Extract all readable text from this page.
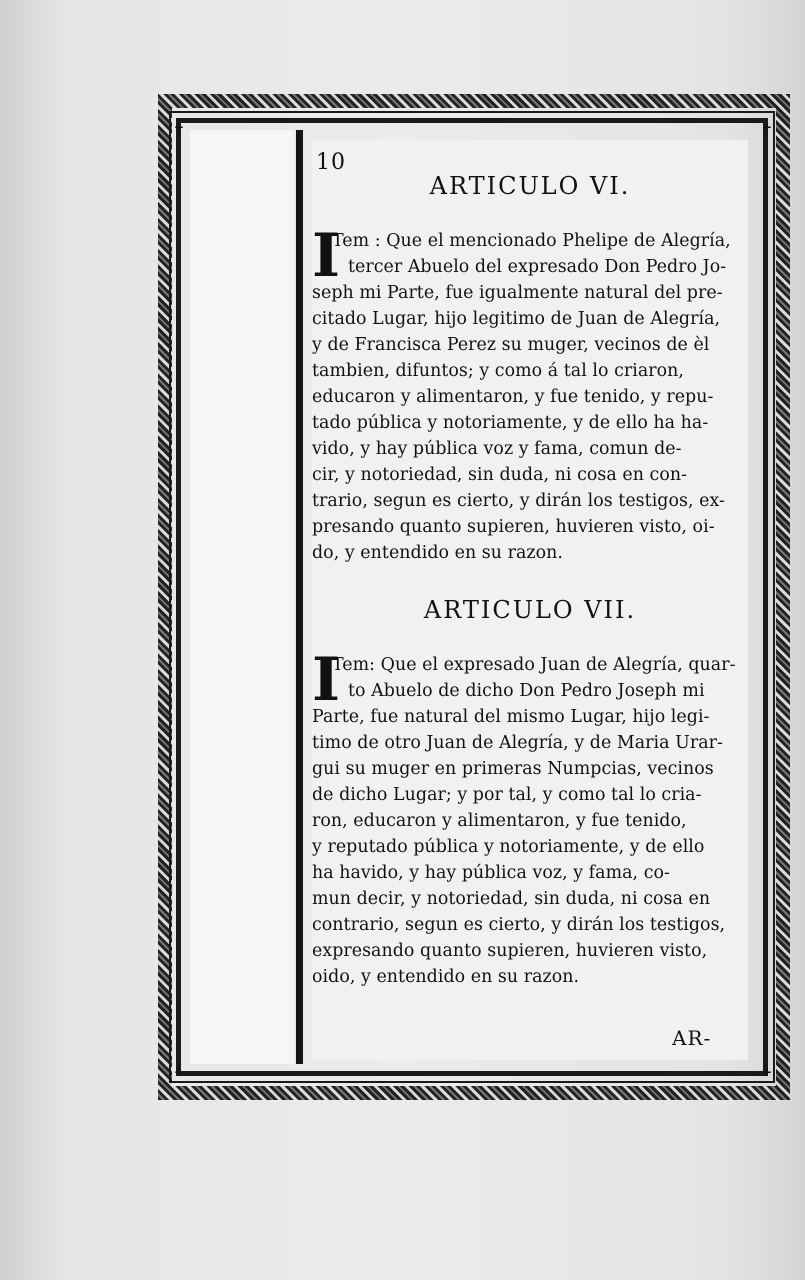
+	+
+	+
10
ARTICULO VI.
I
Tem : Que el mencionado Phelipe de Alegría,
tercer Abuelo del expresado Don Pedro Jo-
seph mi Parte, fue igualmente natural del pre-
citado Lugar, hijo legitimo de Juan de Alegría,
y de Francisca Perez su muger, vecinos de èl
tambien, difuntos; y como á tal lo criaron,
educaron y alimentaron, y fue tenido, y repu-
tado pública y notoriamente, y de ello ha ha-
vido, y hay pública voz y fama, comun de-
cir, y notoriedad, sin duda, ni cosa en con-
trario, segun es cierto, y dirán los testigos, ex-
presando quanto supieren, huvieren visto, oi-
do, y entendido en su razon.
ARTICULO VII.
I
Tem: Que el expresado Juan de Alegría, quar-
to Abuelo de dicho Don Pedro Joseph mi
Parte, fue natural del mismo Lugar, hijo legi-
timo de otro Juan de Alegría, y de Maria Urar-
gui su muger en primeras Numpcias, vecinos
de dicho Lugar; y por tal, y como tal lo cria-
ron, educaron y alimentaron, y fue tenido,
y reputado pública y notoriamente, y de ello
ha havido, y hay pública voz, y fama, co-
mun decir, y notoriedad, sin duda, ni cosa en
contrario, segun es cierto, y dirán los testigos,
expresando quanto supieren, huvieren visto,
oido, y entendido en su razon.
AR-
